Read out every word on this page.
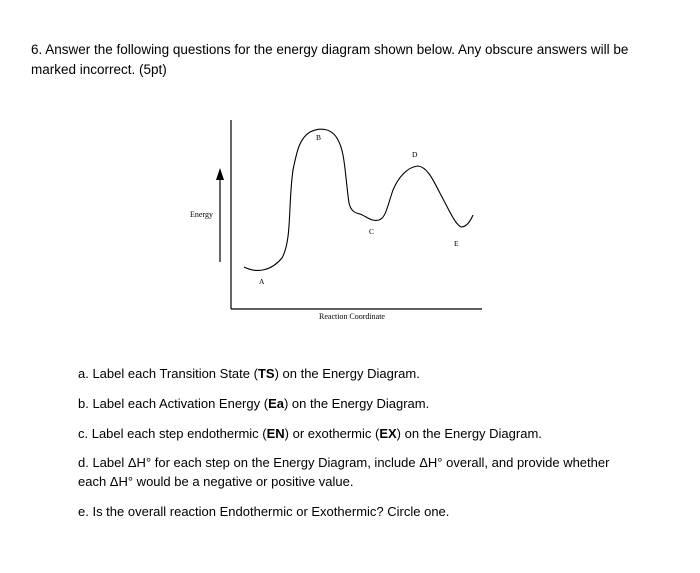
6. Answer the following questions for the energy diagram shown below. Any obscure answers will be marked incorrect. (5pt)
Energy
Reaction Coordinate
A
B
C
D
E
a. Label each Transition State (TS) on the Energy Diagram.
b. Label each Activation Energy (Ea) on the Energy Diagram.
c. Label each step endothermic (EN) or exothermic (EX) on the Energy Diagram.
d. Label ΔH° for each step on the Energy Diagram, include ΔH° overall, and provide whether each ΔH° would be a negative or positive value.
e. Is the overall reaction Endothermic or Exothermic? Circle one.
